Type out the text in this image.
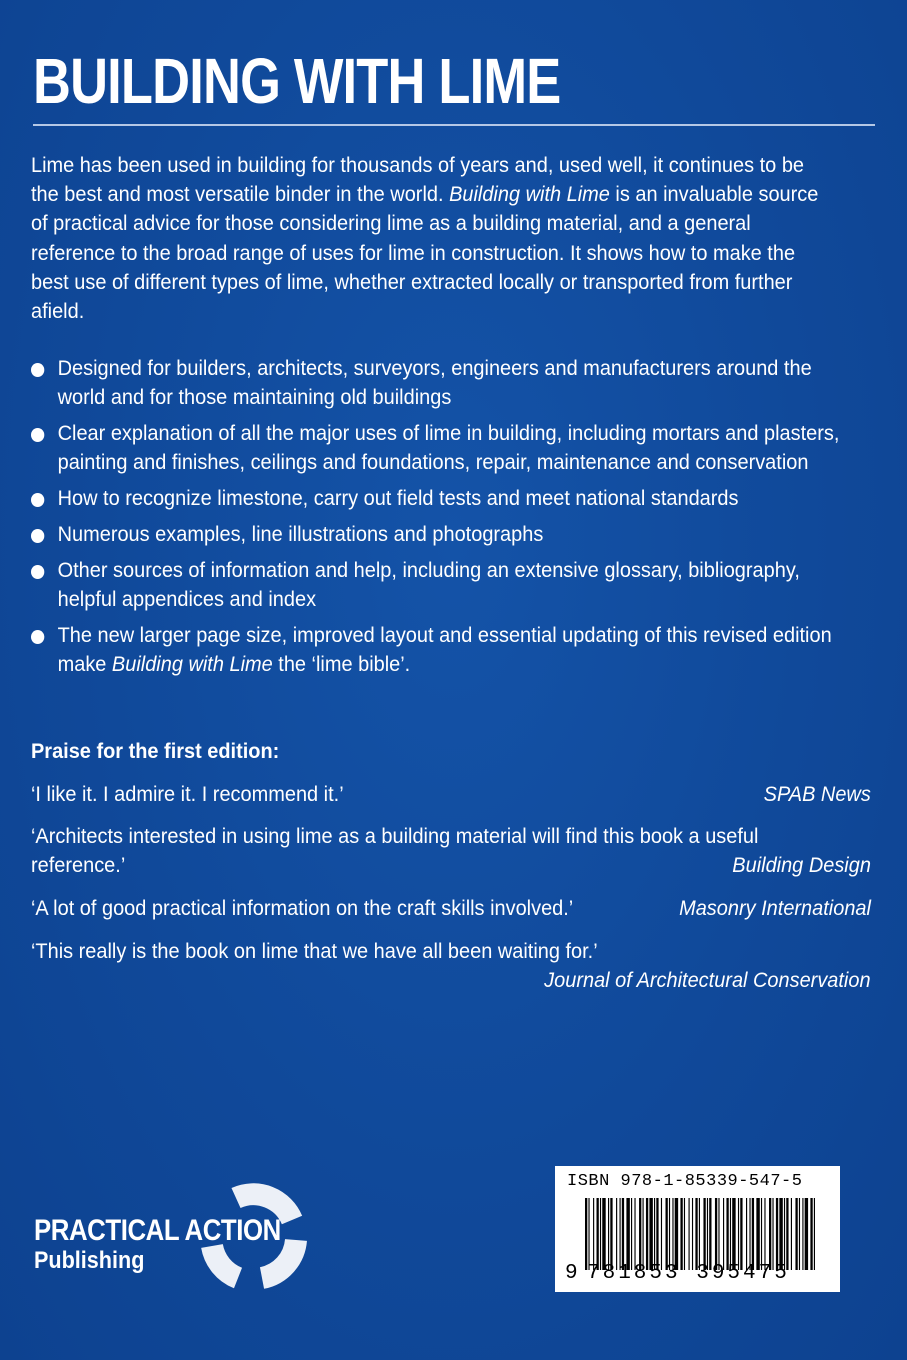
BUILDING WITH LIME

Lime has been used in building for thousands of years and, used well, it continues to be the best and most versatile binder in the world. Building with Lime is an invaluable source of practical advice for those considering lime as a building material, and a general reference to the broad range of uses for lime in construction. It shows how to make the best use of different types of lime, whether extracted locally or transported from further afield.

Designed for builders, architects, surveyors, engineers and manufacturers around the world and for those maintaining old buildings
Clear explanation of all the major uses of lime in building, including mortars and plasters, painting and finishes, ceilings and foundations, repair, maintenance and conservation
How to recognize limestone, carry out field tests and meet national standards
Numerous examples, line illustrations and photographs
Other sources of information and help, including an extensive glossary, bibliography, helpful appendices and index
The new larger page size, improved layout and essential updating of this revised edition make Building with Lime the ‘lime bible’.
Praise for the first edition:
‘I like it. I admire it. I recommend it.’	SPAB News
‘Architects interested in using lime as a building material will find this book a useful reference.’	Building Design
‘A lot of good practical information on the craft skills involved.’	Masonry International
‘This really is the book on lime that we have all been waiting for.’
Journal of Architectural Conservation
PRACTICAL ACTION
Publishing
ISBN 978-1-85339-547-5
9 781853 395475
